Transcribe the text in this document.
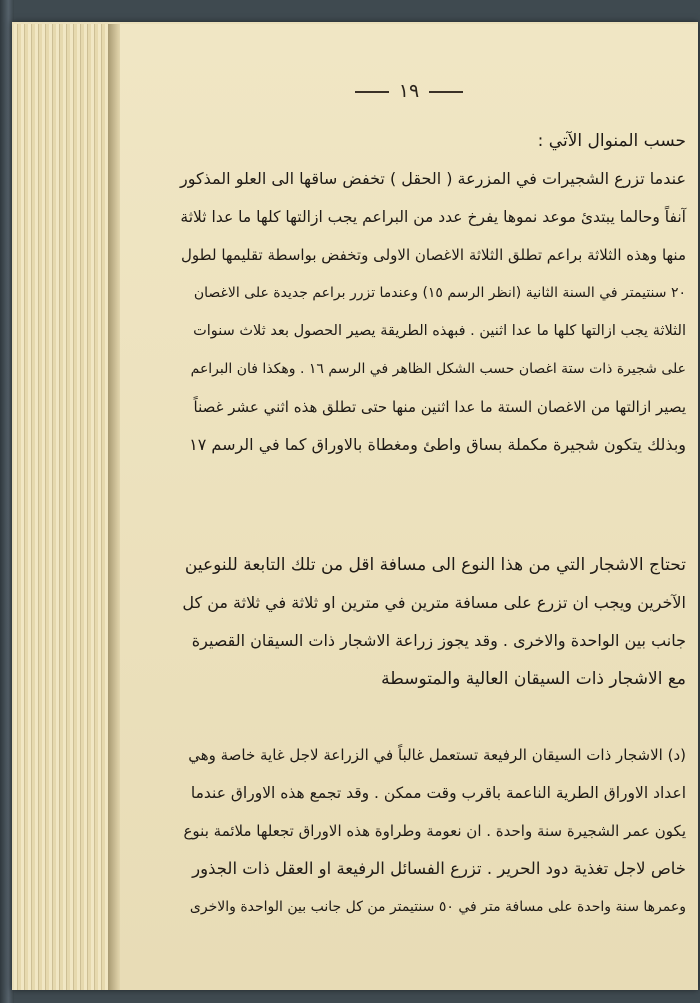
١٩
حسب المنوال الآتي :
عندما تزرع الشجيرات في المزرعة ( الحقل ) تخفض ساقها الى العلو المذكور
آنفاً وحالما يبتدئ موعد نموها يفرخ عدد من البراعم يجب ازالتها كلها ما عدا ثلاثة
منها وهذه الثلاثة براعم تطلق الثلاثة الاغصان الاولى وتخفض بواسطة تقليمها لطول
٢٠ سنتيمتر في السنة الثانية (انظر الرسم ١٥) وعندما تزرر براعم جديدة على الاغصان
الثلاثة يجب ازالتها كلها ما عدا اثنين . فبهذه الطريقة يصير الحصول بعد ثلاث سنوات
على شجيرة ذات ستة اغصان حسب الشكل الظاهر في الرسم ١٦ . وهكذا فان البراعم
يصير ازالتها من الاغصان الستة ما عدا اثنين منها حتى تطلق هذه اثني عشر غصناً
وبذلك يتكون شجيرة مكملة بساق واطئ ومغطاة بالاوراق كما في الرسم ١٧
تحتاج الاشجار التي من هذا النوع الى مسافة اقل من تلك التابعة للنوعين
الآخرين ويجب ان تزرع على مسافة مترين في مترين او ثلاثة في ثلاثة من كل
جانب بين الواحدة والاخرى . وقد يجوز زراعة الاشجار ذات السيقان القصيرة
مع الاشجار ذات السيقان العالية والمتوسطة
(د) الاشجار ذات السيقان الرفيعة تستعمل غالباً في الزراعة لاجل غاية خاصة وهي
اعداد الاوراق الطرية الناعمة باقرب وقت ممكن . وقد تجمع هذه الاوراق عندما
يكون عمر الشجيرة سنة واحدة . ان نعومة وطراوة هذه الاوراق تجعلها ملائمة بنوع
خاص لاجل تغذية دود الحرير . تزرع الفسائل الرفيعة او العقل ذات الجذور
وعمرها سنة واحدة على مسافة متر في ٥٠ سنتيمتر من كل جانب بين الواحدة والاخرى
